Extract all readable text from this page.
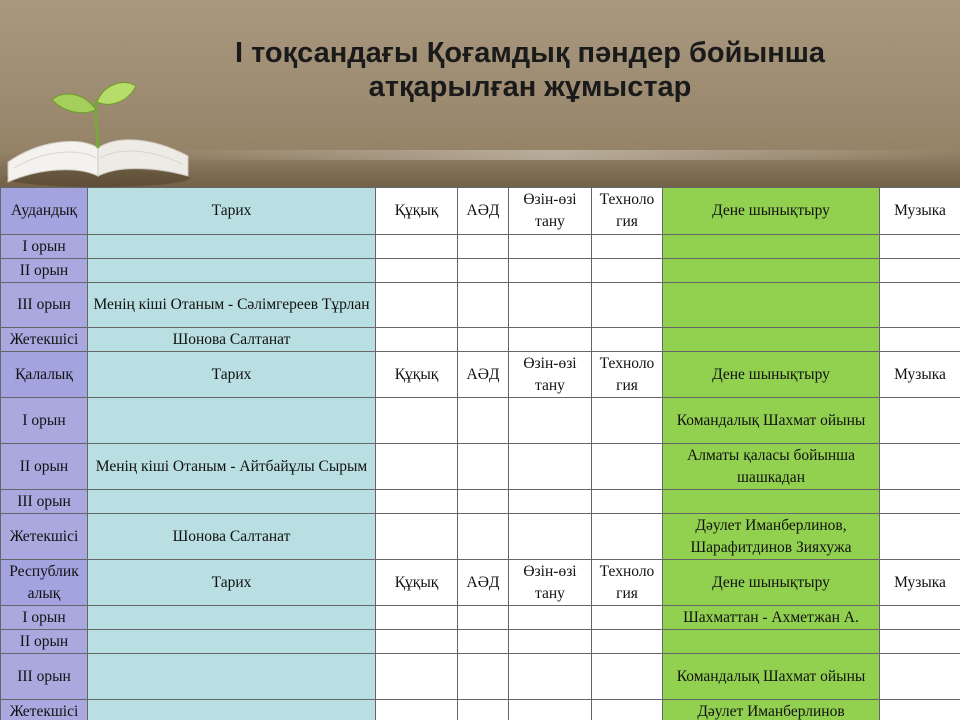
І тоқсандағы Қоғамдық пәндер бойынша
атқарылған жұмыстар
Аудандық	Тарих	Құқық	АӘД	Өзін-өзі тану	Техноло гия	Дене шынықтыру	Музыка
І орын							
ІІ орын							
ІІІ орын	Менің кіші Отаным - Сәлімгереев Тұрлан						
Жетекшісі	Шонова Салтанат						
Қалалық	Тарих	Құқық	АӘД	Өзін-өзі тану	Техноло гия	Дене шынықтыру	Музыка
І орын						Командалық Шахмат ойыны	
ІІ орын	Менің кіші Отаным - Айтбайұлы Сырым					Алматы қаласы бойынша шашкадан	
ІІІ орын							
Жетекшісі	Шонова Салтанат					Дәулет Иманберлинов, Шарафитдинов Зияхужа	
Республик алық	Тарих	Құқық	АӘД	Өзін-өзі тану	Техноло гия	Дене шынықтыру	Музыка
І орын						Шахматтан - Ахметжан А.	
ІІ орын							
ІІІ орын						Командалық Шахмат ойыны	
Жетекшісі						Дәулет Иманберлинов	
